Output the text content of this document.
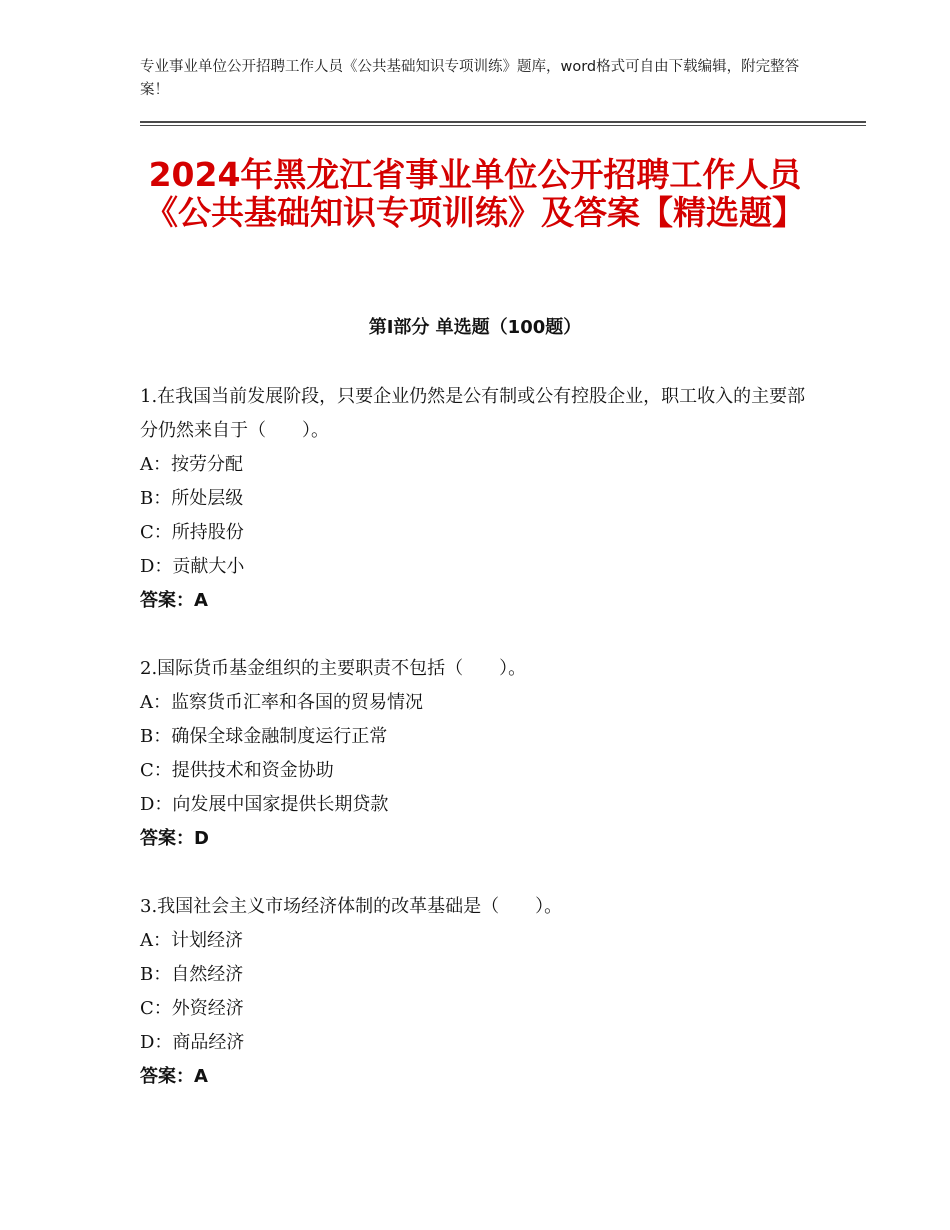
专业事业单位公开招聘工作人员《公共基础知识专项训练》题库，word格式可自由下载编辑，附完整答案！
2024年黑龙江省事业单位公开招聘工作人员《公共基础知识专项训练》及答案【精选题】
第Ⅰ部分 单选题（100题）
1.在我国当前发展阶段，只要企业仍然是公有制或公有控股企业，职工收入的主要部分仍然来自于（　　）。
A：按劳分配
B：所处层级
C：所持股份
D：贡献大小
答案：A
2.国际货币基金组织的主要职责不包括（　　）。
A：监察货币汇率和各国的贸易情况
B：确保全球金融制度运行正常
C：提供技术和资金协助
D：向发展中国家提供长期贷款
答案：D
3.我国社会主义市场经济体制的改革基础是（　　）。
A：计划经济
B：自然经济
C：外资经济
D：商品经济
答案：A
